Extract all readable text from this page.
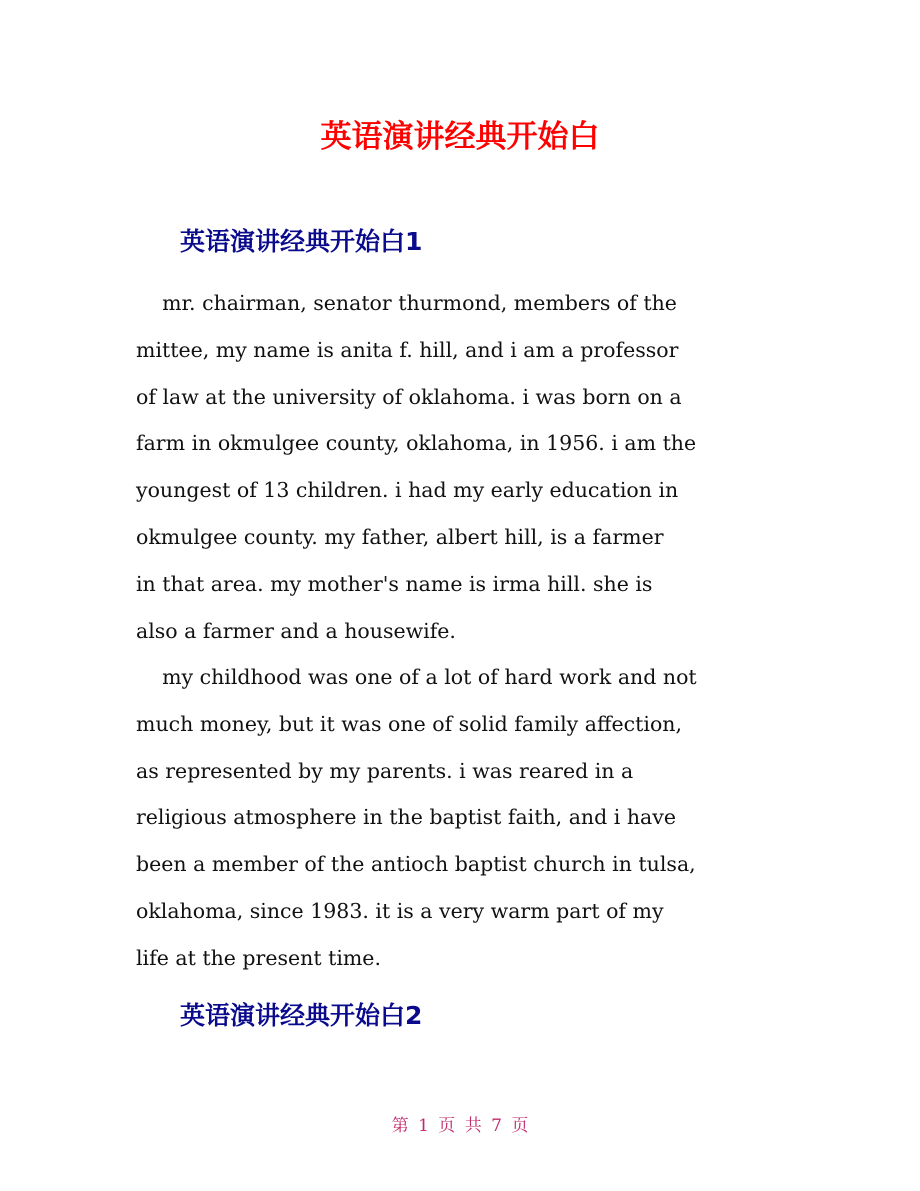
英语演讲经典开始白
英语演讲经典开始白1
mr. chairman, senator thurmond, members of the
mittee, my name is anita f. hill, and i am a professor
of law at the university of oklahoma. i was born on a
farm in okmulgee county, oklahoma, in 1956. i am the
youngest of 13 children. i had my early education in
okmulgee county. my father, albert hill, is a farmer
in that area. my mother's name is irma hill. she is
also a farmer and a housewife.
my childhood was one of a lot of hard work and not
much money, but it was one of solid family affection,
as represented by my parents. i was reared in a
religious atmosphere in the baptist faith, and i have
been a member of the antioch baptist church in tulsa,
oklahoma, since 1983. it is a very warm part of my
life at the present time.
英语演讲经典开始白2
第 1 页 共 7 页
